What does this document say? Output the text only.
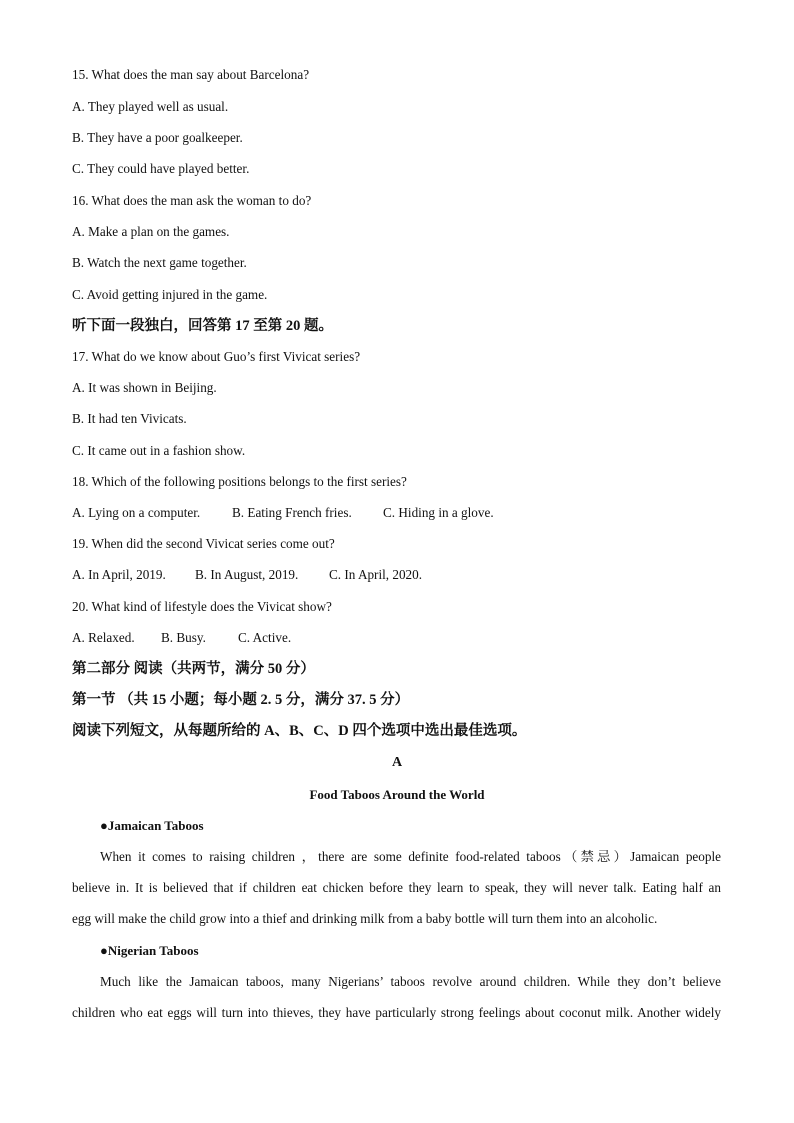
15. What does the man say about Barcelona?
A. They played well as usual.
B. They have a poor goalkeeper.
C. They could have played better.
16. What does the man ask the woman to do?
A. Make a plan on the games.
B. Watch the next game together.
C. Avoid getting injured in the game.
听下面一段独白，回答第 17 至第 20 题。
17. What do we know about Guo’s first Vivicat series?
A. It was shown in Beijing.
B. It had ten Vivicats.
C. It came out in a fashion show.
18. Which of the following positions belongs to the first series?
A. Lying on a computer. B. Eating French fries. C. Hiding in a glove.
19. When did the second Vivicat series come out?
A. In April, 2019. B. In August, 2019. C. In April, 2020.
20. What kind of lifestyle does the Vivicat show?
A. Relaxed. B. Busy. C. Active.
第二部分 阅读（共两节，满分 50 分）
第一节 （共 15 小题；每小题 2. 5 分，满分 37. 5 分）
阅读下列短文，从每题所给的 A、B、C、D 四个选项中选出最佳选项。
A
Food Taboos Around the World
●Jamaican Taboos
When it comes to raising children ，there are some definite food-related taboos（禁忌）Jamaican people
believe in. It is believed that if children eat chicken before they learn to speak, they will never talk. Eating half an
egg will make the child grow into a thief and drinking milk from a baby bottle will turn them into an alcoholic.
●Nigerian Taboos
Much like the Jamaican taboos, many Nigerians’ taboos revolve around children. While they don’t believe
children who eat eggs will turn into thieves, they have particularly strong feelings about coconut milk. Another widely
